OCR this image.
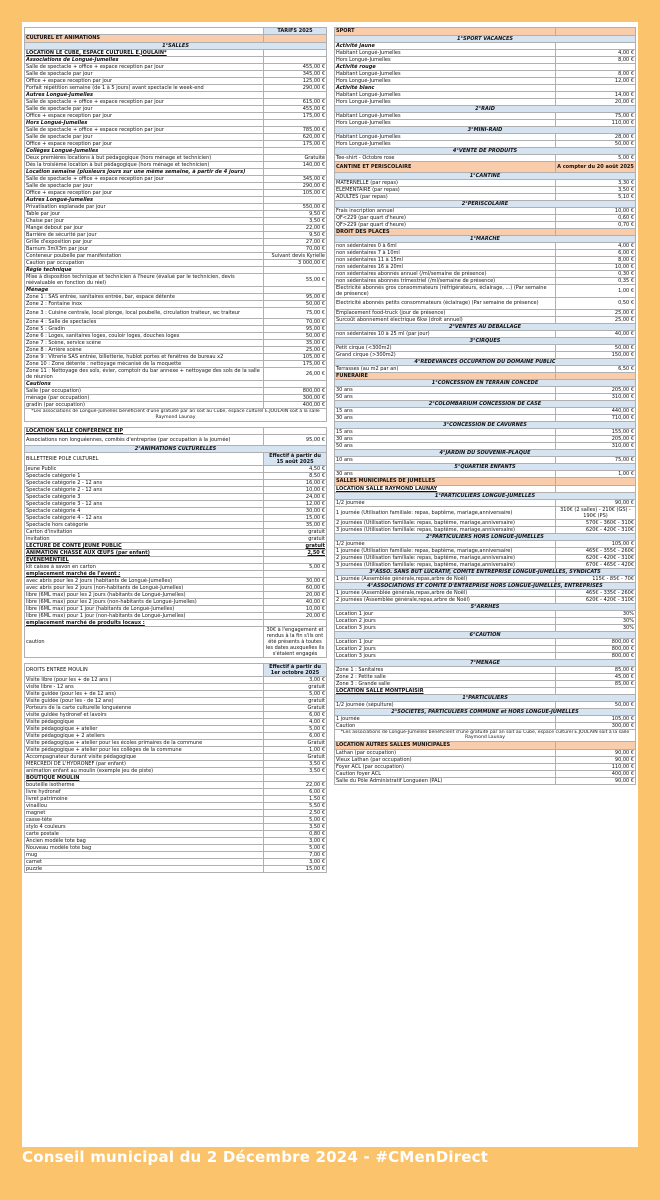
	TARIFS 2025
CULTUREL ET ANIMATIONS	
1°SALLES	
LOCATION LE CUBE, ESPACE CULTUREL E.JOULAIN*	
Associations de Longué-Jumelles	
Salle de spectacle + office + espace reception par jour	455,00 €
Salle de spectacle par jour	345,00 €
Office + espace reception par jour	125,00 €
Forfait répétition semaine (de 1 à 5 jours) avant spectacle le week-end	290,00 €
Autres Longué-Jumelles	
Salle de spectacle + office + espace reception par jour	615,00 €
Salle de spectacle par jour	455,00 €
Office + espace reception par jour	175,00 €
Hors Longué-Jumelles	
Salle de spectacle + office + espace reception par jour	785,00 €
Salle de spectacle par jour	620,00 €
Office + espace reception par jour	175,00 €
Collèges Longué-Jumelles	
Deux premières locations à but pédagogique (hors ménage et technicien)	Gratuité
Dès la troisième location à but pédagogique (hors ménage et technicien)	140,00 €
Location semaine (plusieurs jours sur une même semaine, à partir de 4 jours)	
Salle de spectacle + office + espace reception par jour	345,00 €
Salle de spectacle par jour	290,00 €
Office + espace reception par jour	105,00 €
Autres Longué-Jumelles	
Privatisation esplanade par jour	550,00 €
Table par jour	9,50 €
Chaise par jour	3,50 €
Mange debout par jour	22,00 €
Barrière de sécurité par jour	9,50 €
Grille d'exposition par jour	27,00 €
Barnum 3mX3m par jour	70,00 €
Conteneur poubelle par manifestation	Suivant devis Kyrielle
Caution par occupation	3 000,00 €
Régie technique	
Mise à disposition technique et technicien à l'heure (évalué par le technicien, devis réévaluable en fonction du réel)	55,00 €
Ménage	
Zone 1 : SAS entrée, sanitaires entrée, bar, espace détente	95,00 €
Zone 2 : Fontaine inox	50,00 €
Zone 3 : Cuisine centrale, local plonge, local poubelle, circulation traiteur, wc traiteur	75,00 €
Zone 4 : Salle de spectacles	70,00 €
Zone 5 : Gradin	95,00 €
Zone 6 : Loges, sanitaires loges, couloir loges, douches loges	50,00 €
Zone 7 : Scène, service scène	35,00 €
Zone 8 : Arrière scène	25,00 €
Zone 9 : Vitrerie SAS entrée, billetterie, hublot portes et fenêtres de bureau x2	105,00 €
Zone 10 : Zone détente : nettoyage mécanisé de la moquette	175,00 €
Zone 11 : Nettoyage des sols, évier, comptoir du bar annexe + nettoyage des sols de la salle de réunion	26,00 €
Cautions	
Salle (par occupation)	800,00 €
ménage (par occupation)	300,00 €
gradin (par occupation)	400,00 €
*Les associations de Longué-Jumelles bénéficient d'une gratuité par an soit au Cube, espace culturel E.JOULAIN soit à la salle Raymond Launay	

LOCATION SALLE CONFERENCE EIP	
Associations non longuéennes, comités d'entreprise (par occupation à la journée)	95,00 €
2°ANIMATIONS CULTURELLES	
BILLETTERIE POLE CULTUREL	Effectif à partir du 15 août 2025
Jeune Public	4,50 €
Spectacle catégorie 1	8,50 €
Spectacle catégorie 2 - 12 ans	16,00 €
Spectacle catégorie 2 - 12 ans	10,00 €
Spectacle catégorie 3	24,00 €
Spectacle catégorie 3 - 12 ans	12,00 €
Spectacle catégorie 4	30,00 €
Spectacle catégorie 4 - 12 ans	15,00 €
Spectacle hors catégorie	35,00 €
Carton d'invitation	gratuit
invitation	gratuit
LECTURE DE CONTE JEUNE PUBLIC	gratuit
ANIMATION CHASSE AUX ŒUFS (par enfant)	2,50 €
EVENEMENTIEL	
kit caisse à savon en carton	5,00 €
emplacement marché de l'avent :	
avec abris pour les 2 jours (habitants de Longué-Jumelles)	30,00 €
avec abris pour les 2 jours (non-habitants de Longué-Jumelles)	60,00 €
libre (6ML max) pour les 2 jours (habitants de Longué-Jumelles)	20,00 €
libre (6ML max) pour les 2 jours (non-habitants de Longué-Jumelles)	40,00 €
libre (6ML max) pour 1 jour (habitants de Longué-Jumelles)	10,00 €
libre (6ML max) pour 1 jour (non-habitants de Longué-Jumelles)	20,00 €
emplacement marché de produits locaux :	
caution	30€ à l'engagement et rendus à la fin s'ils ont été présents à toutes les dates auxquelles ils s'étaient engagés

DROITS ENTREE MOULIN	Effectif à partir du 1er octobre 2025
Visite libre (pour les + de 12 ans )	3,00 €
visite libre - 12 ans	gratuit
Visite guidée (pour les + de 12 ans)	5,00 €
Visite guidée (pour les - de 12 ans)	gratuit
Porteurs de la carte culturelle longuéenne	Gratuit
visite guidée hydronef et lavoirs	6,00 €
Visite pédagogique	4,00 €
Visite pédagogique + atelier	5,00 €
Visite pédagogique + 2 ateliers	6,00 €
Visite pédagogique + atelier pour les écoles primaires de la commune	Gratuit
Visite pédagogique + atelier pour les collèges de la commune	1,00 €
Accompagnateur durant visite pédagogique	Gratuit
MERCREDI DE L'HYDRONEF (par enfant)	3,50 €
animation enfant au moulin (exemple jeu de piste)	3,50 €
BOUTIQUE MOULIN	
bouteille isotherme	22,00 €
livre hydronef	6,00 €
livret patrimoine	1,50 €
vinaillou	5,50 €
magnet	2,50 €
casse-tête	5,00 €
stylo 4 couleurs	3,50 €
carte postale	0,80 €
Ancien modèle tote bag	3,00 €
Nouveau modèle tote bag	5,00 €
mug	7,00 €
carnet	3,00 €
puzzle	15,00 €
SPORT	
1°SPORT VACANCES	
Activité jaune	
Habitant Longué-Jumelles	4,00 €
Hors Longué-Jumelles	8,00 €
Activité rouge	
Habitant Longué-Jumelles	8,00 €
Hors Longué-Jumelles	12,00 €
Activité blanc	
Habitant Longué-Jumelles	14,00 €
Hors Longué-Jumelles	20,00 €
2°RAID	
Habitant Longué-Jumelles	75,00 €
Hors Longué-Jumelles	110,00 €
3°MINI-RAID	
Habitant Longué-Jumelles	28,00 €
Hors Longué-Jumelles	50,00 €
4°VENTE DE PRODUITS	
Tee-shirt - Octobre rose	5,00 €
CANTINE ET PERISCOLAIRE	A compter du 20 août 2025
1°CANTINE	
MATERNELLE (par repas)	3,30 €
ELEMENTAIRE (par repas)	3,50 €
ADULTES (par repas)	5,10 €
2°PERISCOLAIRE	
Frais inscription annuel	10,00 €
QF<229 (par quart d'heure)	0,60 €
QF>229 (par quart d'heure)	0,70 €
DROIT DES PLACES	
1°MARCHE	
non sédentaires 0 à 6ml	4,00 €
non sédentaires 7 à 10ml	6,00 €
non sédentaires 11 à 15ml	8,00 €
non sédentaires 16 à 20ml	10,00 €
non sédentaires abonnés annuel (/ml/semaine de présence)	0,30 €
non sédentaires abonnés trimestriel (/ml/semaine de présence)	0,35 €
Electricité abonnés gros consommateurs (réfrigérateurs, éclairage, ...) (Par semaine de présence)	1,00 €
Electricité abonnés petits consommateurs (éclairage) (Par semaine de présence)	0,50 €
Emplacement food-truck (jour de présence)	25,00 €
Surcoût abonnement électrique 6kw (droit annuel)	25,00 €
2°VENTES AU DEBALLAGE	
non sédentaires 10 à 25 ml (par jour)	40,00 €
3°CIRQUES	
Petit cirque (<300m2)	50,00 €
Grand cirque (>300m2)	150,00 €
4°REDEVANCES OCCUPATION DU DOMAINE PUBLIC	
Terrasses (au m2 par an)	6,50 €
FUNERAIRE	
1°CONCESSION EN TERRAIN CONCEDE	
30 ans	205,00 €
50 ans	310,00 €
2°COLOMBARIUM CONCESSION DE CASE	
15 ans	440,00 €
30 ans	710,00 €
3°CONCESSION DE CAVURNES	
15 ans	155,00 €
30 ans	205,00 €
50 ans	310,00 €
4°JARDIN DU SOUVENIR-PLAQUE	
10 ans	75,00 €
5°QUARTIER ENFANTS	
30 ans	1,00 €
SALLES MUNICIPALES DE JUMELLES	
LOCATION SALLE RAYMOND LAUNAY	
1°PARTICULIERS LONGUE-JUMELLES	
1/2 journée	90,00 €
1 journée (Utilisation familiale: repas, baptême, mariage,anniversaire)	310€ (2 salles) - 210€ (GS) - 190€ (PS)
2 journées (Utilisation familiale: repas, baptême, mariage,anniversaire)	570€ - 360€ - 310€
3 journées (Utilisation familiale: repas, baptême, mariage,anniversaire)	620€ - 420€ - 310€
2°PARTICULIERS HORS LONGUE-JUMELLES	
1/2 journée	105,00 €
1 journée (Utilisation familiale: repas, baptême, mariage,anniversaire)	465€ - 355€ - 260€
2 journées (Utilisation familiale: repas, baptême, mariage,anniversaire)	620€ - 420€ - 310€
3 journées (Utilisation familiale: repas, baptême, mariage,anniversaire)	670€ - 465€ - 420€
3°ASSO. SANS BUT LUCRATIF, COMITE ENTREPRISE LONGUE-JUMELLES, SYNDICATS	
1 journée (Assemblée générale,repas,arbre de Noël)	115€ - 85€ - 70€
4°ASSOCIATIONS ET COMITE D'ENTREPRISE HORS LONGUE-JUMELLES, ENTREPRISES	
1 journée (Assemblée générale,repas,arbre de Noël)	465€ - 335€ - 260€
2 journées (Assemblée générale,repas,arbre de Noël)	620€ - 420€ - 310€
5°ARRHES	
Location 1 jour	30%
Location 2 jours	30%
Location 3 jours	30%
6°CAUTION	
Location 1 jour	800,00 €
Location 2 jours	800,00 €
Location 3 jours	800,00 €
7°MENAGE	
Zone 1 : Sanitaires	85,00 €
Zone 2 : Petite salle	45,00 €
Zone 3 : Grande salle	85,00 €
LOCATION SALLE MONTPLAISIR	
1°PARTICULIERS	
1/2 journée (sépulture)	50,00 €
2°SOCIETES, PARTICULIERS COMMUNE et HORS LONGUE-JUMELLES	
1 journée	105,00 €
Caution	300,00 €
*Les associations de Longué-Jumelles bénéficient d'une gratuité par an soit au Cube, espace culturel E.JOULAIN soit à la salle Raymond Launay	
LOCATION AUTRES SALLES MUNICIPALES	
Lathan (par occupation)	90,00 €
Vieux Lathan (par occupation)	90,00 €
Foyer ACL (par occupation)	110,00 €
Caution foyer ACL	400,00 €
Salle du Pôle Administratif Longuéen (PAL)	90,00 €
Conseil municipal du 2 Décembre 2024 - #CMenDirect
